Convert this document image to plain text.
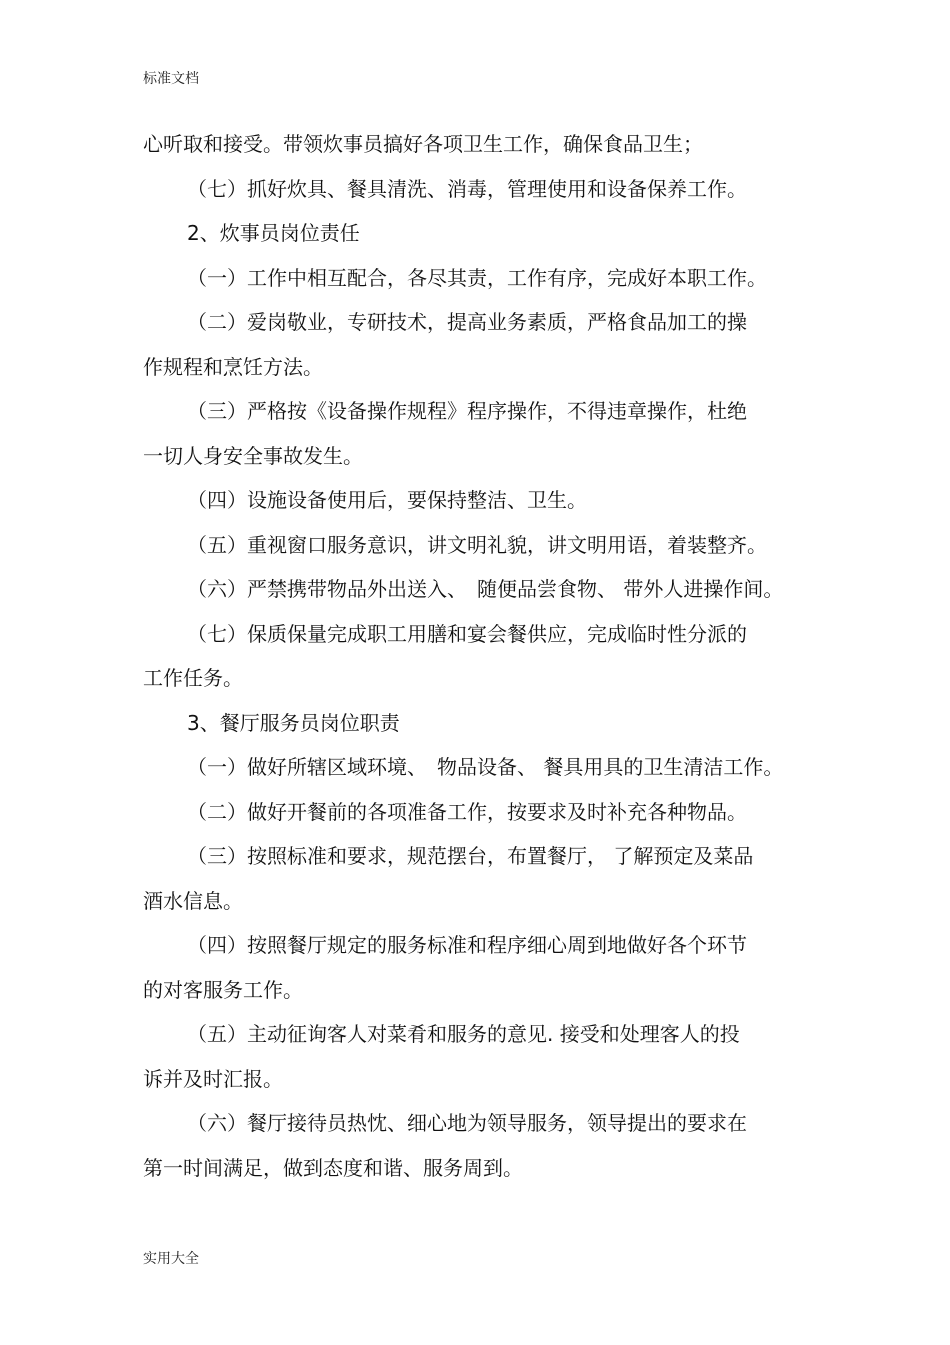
标准文档
心听取和接受。带领炊事员搞好各项卫生工作，确保食品卫生；
（七）抓好炊具、餐具清洗、消毒，管理使用和设备保养工作。
2、炊事员岗位责任
（一）工作中相互配合，各尽其责，工作有序，完成好本职工作。
（二）爱岗敬业，专研技术，提高业务素质，严格食品加工的操
作规程和烹饪方法。
（三）严格按《设备操作规程》程序操作，不得违章操作，杜绝
一切人身安全事故发生。
（四）设施设备使用后，要保持整洁、卫生。
（五）重视窗口服务意识，讲文明礼貌，讲文明用语，着装整齐。
（六）严禁携带物品外出送入、　随便品尝食物、 带外人进操作间。
（七）保质保量完成职工用膳和宴会餐供应，完成临时性分派的
工作任务。
3、餐厅服务员岗位职责
（一）做好所辖区域环境、　物品设备、 餐具用具的卫生清洁工作。
（二）做好开餐前的各项准备工作，按要求及时补充各种物品。
（三）按照标准和要求，规范摆台，布置餐厅， 了解预定及菜品
酒水信息。
（四）按照餐厅规定的服务标准和程序细心周到地做好各个环节
的对客服务工作。
（五）主动征询客人对菜肴和服务的意见. 接受和处理客人的投
诉并及时汇报。
（六）餐厅接待员热忱、细心地为领导服务，领导提出的要求在
第一时间满足，做到态度和谐、服务周到。
实用大全
